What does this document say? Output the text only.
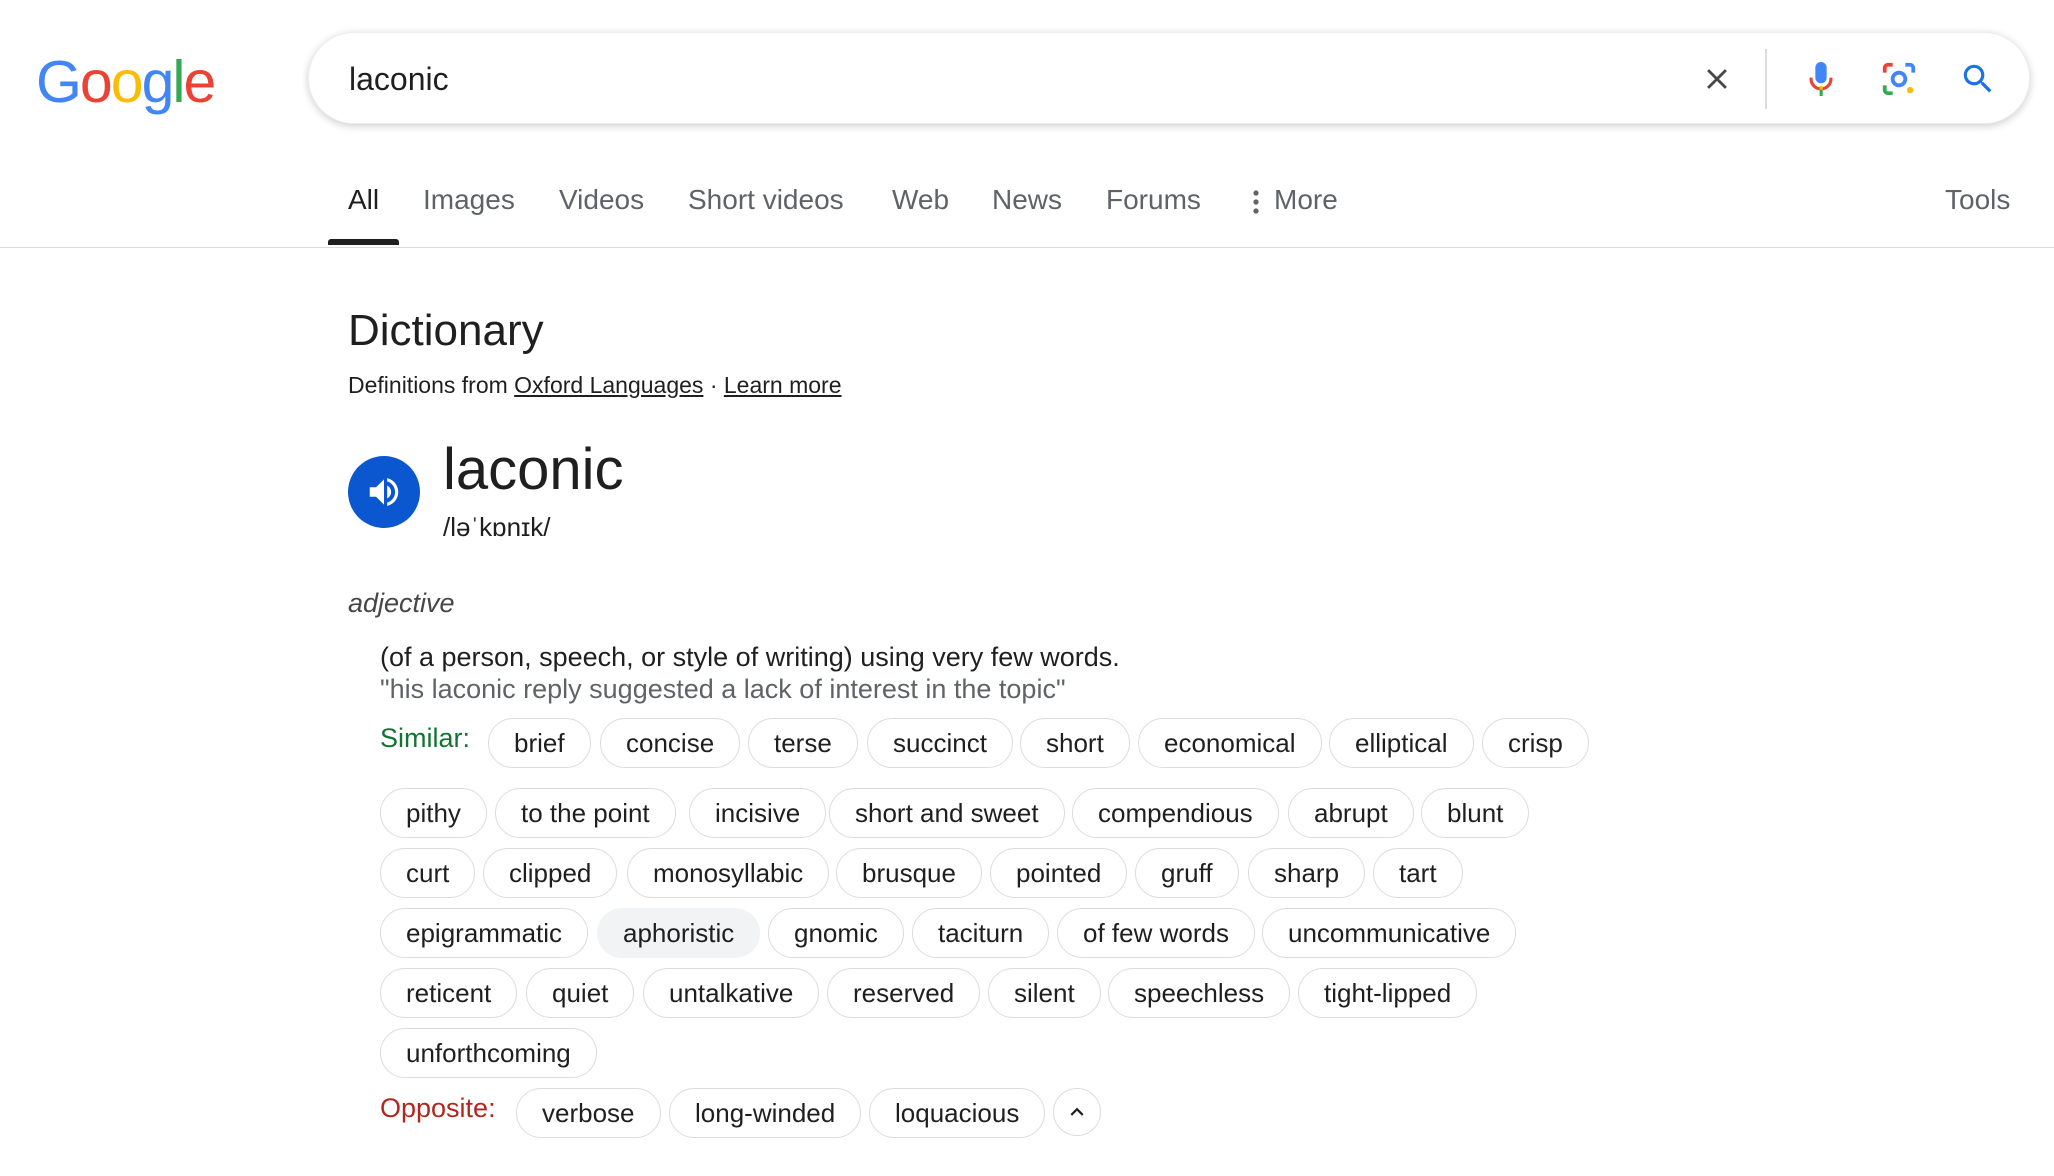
Google
laconic
All Images Videos Short videos Web News Forums	More	Tools
Dictionary
Definitions from Oxford Languages · Learn more
laconic
/ləˈkɒnɪk/
adjective
(of a person, speech, or style of writing) using very few words.
"his laconic reply suggested a lack of interest in the topic"
Similar:	brief	concise	terse	succinct	short	economical	elliptical	crisp
pithy	to the point	incisive	short and sweet	compendious	abrupt	blunt
curt	clipped	monosyllabic	brusque	pointed	gruff	sharp	tart
epigrammatic	aphoristic	gnomic	taciturn	of few words	uncommunicative
reticent	quiet	untalkative	reserved	silent	speechless	tight-lipped
unforthcoming
Opposite:	verbose	long-winded	loquacious
